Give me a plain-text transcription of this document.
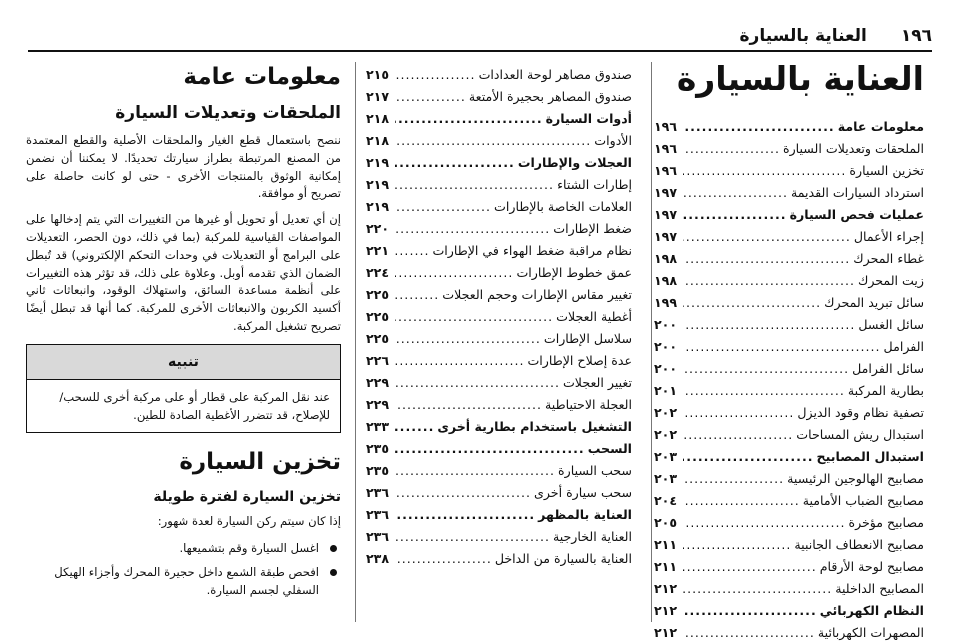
١٩٦
العناية بالسيارة
العناية بالسيارة
معلومات عامة
.....
١٩٦
الملحقات وتعديلات السيارة
.....
١٩٦
تخزين السيارة
.....
١٩٦
استرداد السيارات القديمة
.....
١٩٧
عمليات فحص السيارة
.....
١٩٧
إجراء الأعمال
.....
١٩٧
غطاء المحرك
.....
١٩٨
زيت المحرك
.....
١٩٨
سائل تبريد المحرك
.....
١٩٩
سائل الغسل
.....
٢٠٠
الفرامل
.....
٢٠٠
سائل الفرامل
.....
٢٠٠
بطارية المركبة
.....
٢٠١
تصفية نظام وقود الديزل
.....
٢٠٢
استبدال ريش المساحات
.....
٢٠٢
استبدال المصابيح
.....
٢٠٣
مصابيح الهالوجين الرئيسية
.....
٢٠٣
مصابيح الضباب الأمامية
.....
٢٠٤
مصابيح مؤخرة
.....
٢٠٥
مصابيح الانعطاف الجانبية
.....
٢١١
مصابيح لوحة الأرقام
.....
٢١١
المصابيح الداخلية
.....
٢١٢
النظام الكهربائي
.....
٢١٢
المصهرات الكهربائية
.....
٢١٢
صندوق مصاهر لوحة العدادات
.....
٢١٥
صندوق المصاهر بحجيرة الأمتعة
.....
٢١٧
أدوات السيارة
.....
٢١٨
الأدوات
.....
٢١٨
العجلات والإطارات
.....
٢١٩
إطارات الشتاء
.....
٢١٩
العلامات الخاصة بالإطارات
.....
٢١٩
ضغط الإطارات
.....
٢٢٠
نظام مراقبة ضغط الهواء في الإطارات
.....
٢٢١
عمق خطوط الإطارات
.....
٢٢٤
تغيير مقاس الإطارات وحجم العجلات
.....
٢٢٥
أغطية العجلات
.....
٢٢٥
سلاسل الإطارات
.....
٢٢٥
عدة إصلاح الإطارات
.....
٢٢٦
تغيير العجلات
.....
٢٢٩
العجلة الاحتياطية
.....
٢٢٩
التشغيل باستخدام بطارية أخرى
.....
٢٣٣
السحب
.....
٢٣٥
سحب السيارة
.....
٢٣٥
سحب سيارة أخرى
.....
٢٣٦
العناية بالمظهر
.....
٢٣٦
العناية الخارجية
.....
٢٣٦
العناية بالسيارة من الداخل
.....
٢٣٨
معلومات عامة
الملحقات وتعديلات السيارة

ننصح باستعمال قطع الغيار والملحقات الأصلية والقطع المعتمدة من المصنع المرتبطة بطراز سيارتك تحديدًا. لا يمكننا أن نضمن إمكانية الوثوق بالمنتجات الأخرى - حتى لو كانت حاصلة على تصريح أو موافقة.

إن أي تعديل أو تحويل أو غيرها من التغييرات التي يتم إدخالها على المواصفات القياسية للمركبة (بما في ذلك، دون الحصر، التعديلات على البرامج أو التعديلات في وحدات التحكم الإلكتروني) قد تُبطل الضمان الذي تقدمه أوبل. وعلاوة على ذلك، قد تؤثر هذه التغييرات على أنظمة مساعدة السائق، واستهلاك الوقود، وانبعاثات ثاني أكسيد الكربون والانبعاثات الأخرى للمركبة. كما أنها قد تبطل أيضًا تصريح تشغيل المركبة.

تنبيه
عند نقل المركبة على قطار أو على مركبة أخرى للسحب/للإصلاح، قد تتضرر الأغطية الصادة للطين.
تخزين السيارة
تخزين السيارة لفترة طويلة

إذا كان سيتم ركن السيارة لعدة شهور:

اغسل السيارة وقم بتشميعها.
افحص طبقة الشمع داخل حجيرة المحرك وأجزاء الهيكل السفلي لجسم السيارة.
